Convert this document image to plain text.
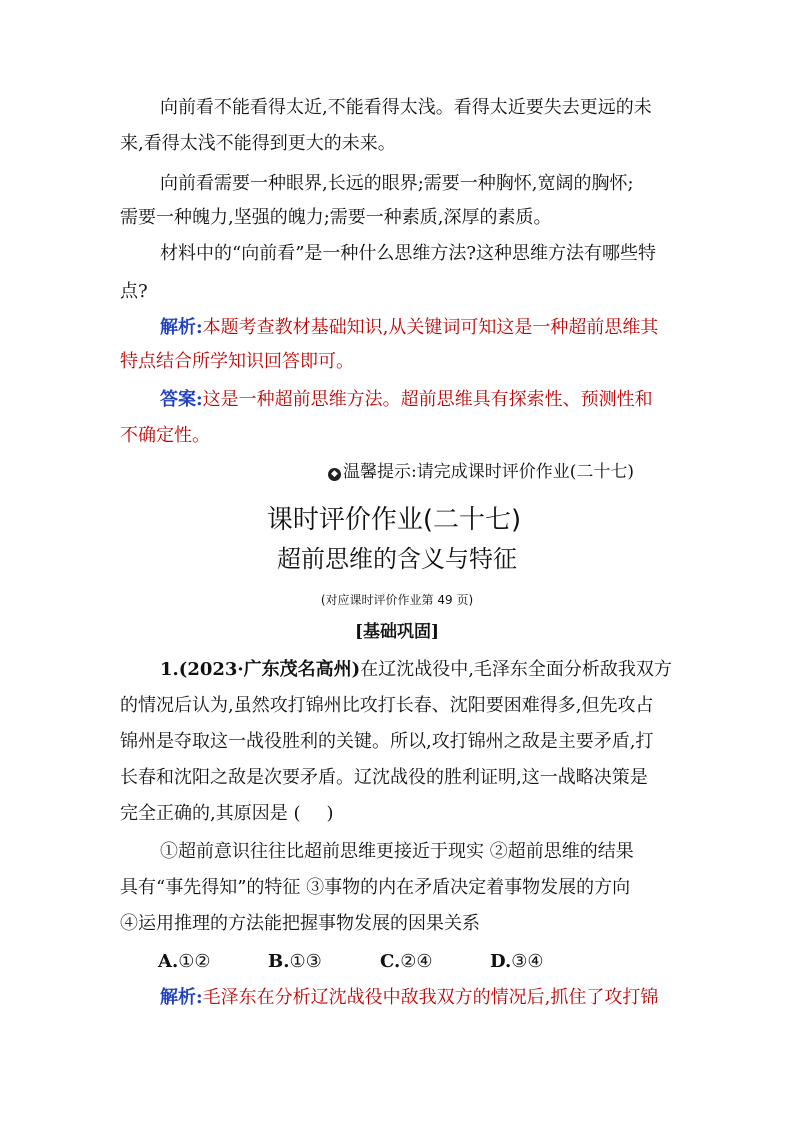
向前看不能看得太近,不能看得太浅。看得太近要失去更远的未
来,看得太浅不能得到更大的未来。
向前看需要一种眼界,长远的眼界;需要一种胸怀,宽阔的胸怀;
需要一种魄力,坚强的魄力;需要一种素质,深厚的素质。
材料中的“向前看”是一种什么思维方法?这种思维方法有哪些特
点?
解析:本题考查教材基础知识,从关键词可知这是一种超前思维其
特点结合所学知识回答即可。
答案:这是一种超前思维方法。超前思维具有探索性、预测性和
不确定性。
◆ 温馨提示:请完成课时评价作业(二十七)
课时评价作业(二十七)
超前思维的含义与特征
(对应课时评价作业第 49 页)
[基础巩固]
1.(2023·广东茂名高州)在辽沈战役中,毛泽东全面分析敌我双方
的情况后认为,虽然攻打锦州比攻打长春、沈阳要困难得多,但先攻占
锦州是夺取这一战役胜利的关键。所以,攻打锦州之敌是主要矛盾,打
长春和沈阳之敌是次要矛盾。辽沈战役的胜利证明,这一战略决策是
完全正确的,其原因是 ( )
①超前意识往往比超前思维更接近于现实 ②超前思维的结果
具有“事先得知”的特征 ③事物的内在矛盾决定着事物发展的方向
④运用推理的方法能把握事物发展的因果关系
A.①②	B.①③	C.②④	D.③④
解析:毛泽东在分析辽沈战役中敌我双方的情况后,抓住了攻打锦
